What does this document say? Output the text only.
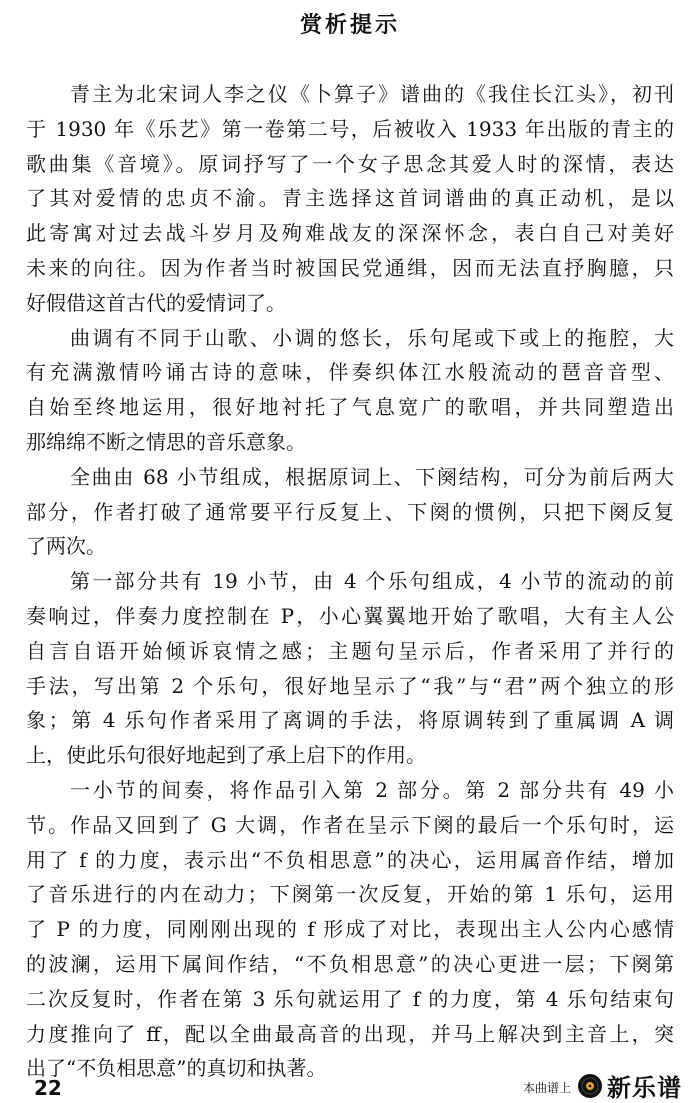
赏析提示
青主为北宋词人李之仪《卜算子》谱曲的《我住长江头》，初刊
于 1930 年《乐艺》第一卷第二号，后被收入 1933 年出版的青主的
歌曲集《音境》。原词抒写了一个女子思念其爱人时的深情，表达
了其对爱情的忠贞不渝。青主选择这首词谱曲的真正动机，是以
此寄寓对过去战斗岁月及殉难战友的深深怀念，表白自己对美好
未来的向往。因为作者当时被国民党通缉，因而无法直抒胸臆，只
好假借这首古代的爱情词了。
曲调有不同于山歌、小调的悠长，乐句尾或下或上的拖腔，大
有充满激情吟诵古诗的意味，伴奏织体江水般流动的琶音音型、
自始至终地运用，很好地衬托了气息宽广的歌唱，并共同塑造出
那绵绵不断之情思的音乐意象。
全曲由 68 小节组成，根据原词上、下阕结构，可分为前后两大
部分，作者打破了通常要平行反复上、下阕的惯例，只把下阕反复
了两次。
第一部分共有 19 小节，由 4 个乐句组成，4 小节的流动的前
奏响过，伴奏力度控制在 P，小心翼翼地开始了歌唱，大有主人公
自言自语开始倾诉哀情之感；主题句呈示后，作者采用了并行的
手法，写出第 2 个乐句，很好地呈示了“我”与“君”两个独立的形
象；第 4 乐句作者采用了离调的手法，将原调转到了重属调 A 调
上，使此乐句很好地起到了承上启下的作用。
一小节的间奏，将作品引入第 2 部分。第 2 部分共有 49 小
节。作品又回到了 G 大调，作者在呈示下阕的最后一个乐句时，运
用了 f 的力度，表示出“不负相思意”的决心，运用属音作结，增加
了音乐进行的内在动力；下阕第一次反复，开始的第 1 乐句，运用
了 P 的力度，同刚刚出现的 f 形成了对比，表现出主人公内心感情
的波澜，运用下属间作结，“不负相思意”的决心更进一层；下阕第
二次反复时，作者在第 3 乐句就运用了 f 的力度，第 4 乐句结束句
力度推向了 ff，配以全曲最高音的出现，并马上解决到主音上，突
出了“不负相思意”的真切和执著。
22	本曲谱上 新乐谱
